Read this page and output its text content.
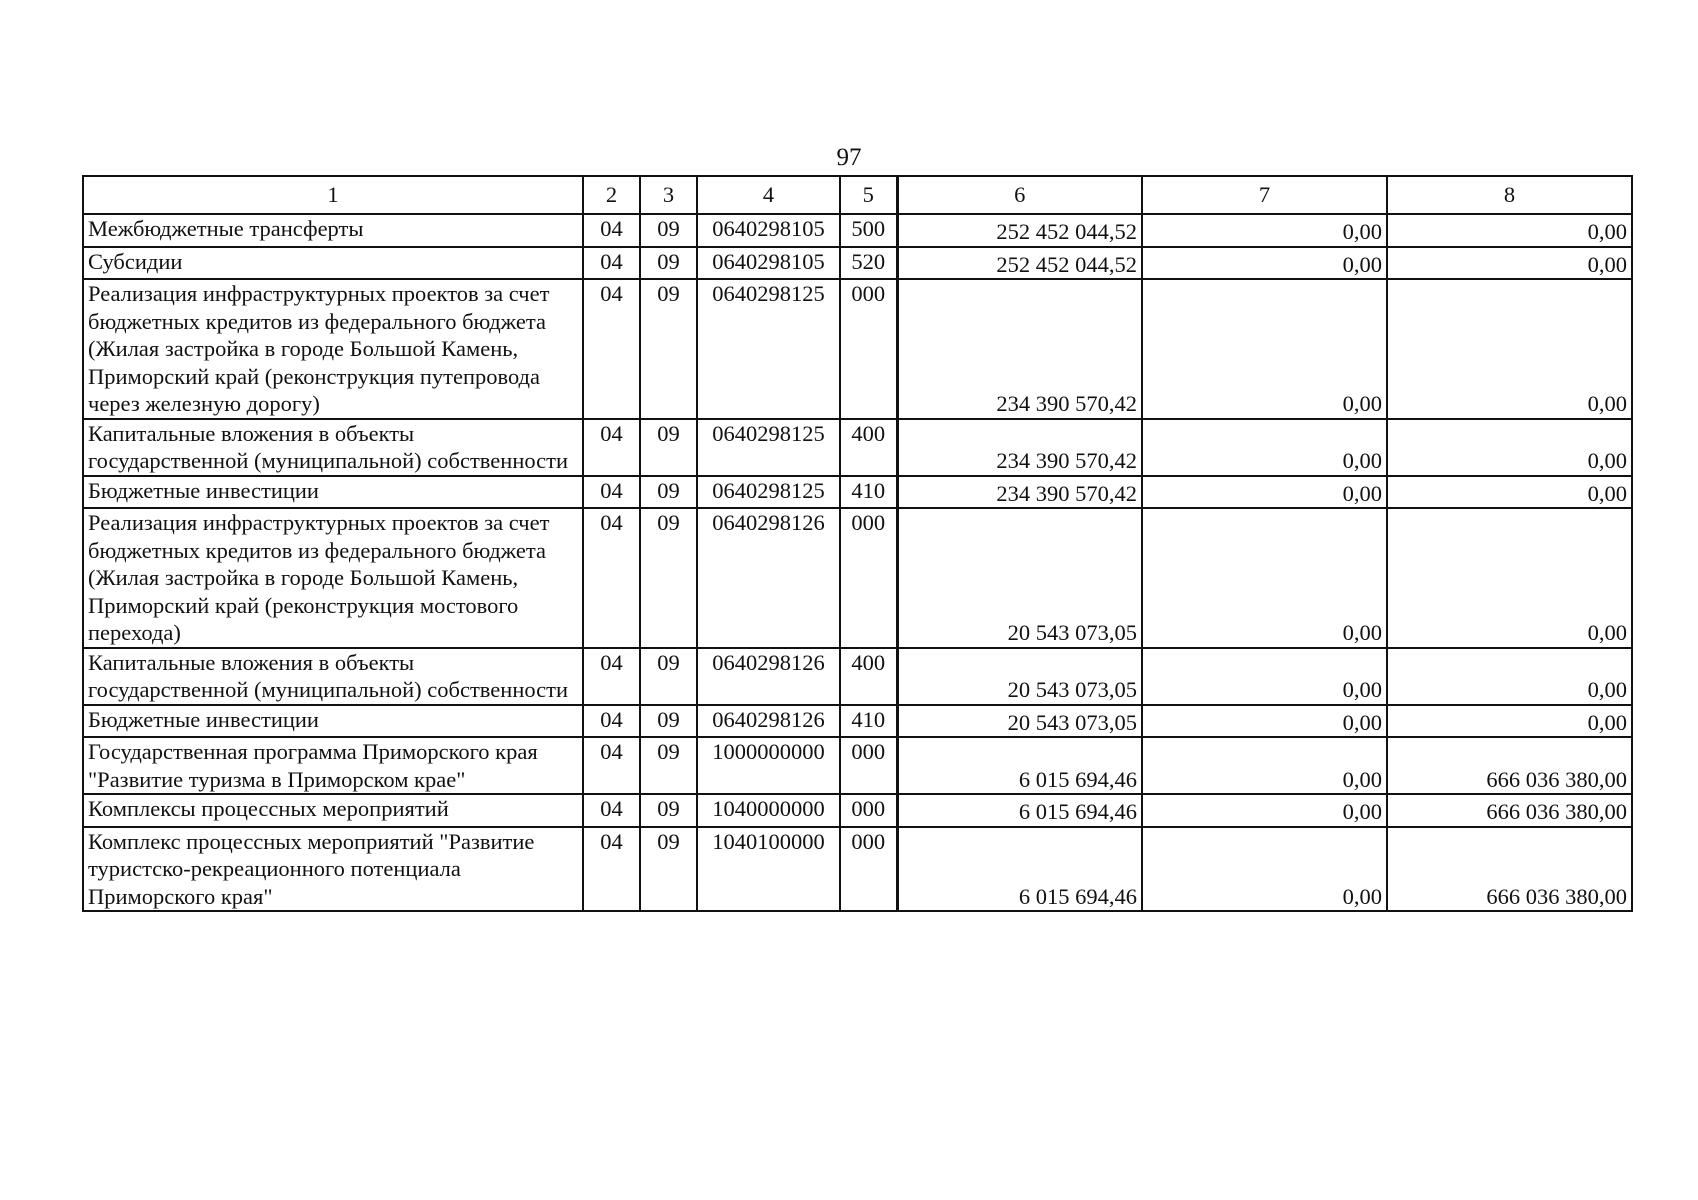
97
1	2	3	4	5	6	7	8
Межбюджетные трансферты	04	09	0640298105	500	252 452 044,52	0,00	0,00
Субсидии	04	09	0640298105	520	252 452 044,52	0,00	0,00
Реализация инфраструктурных проектов за счет бюджетных кредитов из федерального бюджета (Жилая застройка в городе Большой Камень, Приморский край (реконструкция путепровода через железную дорогу)	04	09	0640298125	000	234 390 570,42	0,00	0,00
Капитальные вложения в объекты государственной (муниципальной) собственности	04	09	0640298125	400	234 390 570,42	0,00	0,00
Бюджетные инвестиции	04	09	0640298125	410	234 390 570,42	0,00	0,00
Реализация инфраструктурных проектов за счет бюджетных кредитов из федерального бюджета (Жилая застройка в городе Большой Камень, Приморский край (реконструкция мостового перехода)	04	09	0640298126	000	20 543 073,05	0,00	0,00
Капитальные вложения в объекты государственной (муниципальной) собственности	04	09	0640298126	400	20 543 073,05	0,00	0,00
Бюджетные инвестиции	04	09	0640298126	410	20 543 073,05	0,00	0,00
Государственная программа Приморского края "Развитие туризма в Приморском крае"	04	09	1000000000	000	6 015 694,46	0,00	666 036 380,00
Комплексы процессных мероприятий	04	09	1040000000	000	6 015 694,46	0,00	666 036 380,00
Комплекс процессных мероприятий "Развитие туристско-рекреационного потенциала Приморского края"	04	09	1040100000	000	6 015 694,46	0,00	666 036 380,00
